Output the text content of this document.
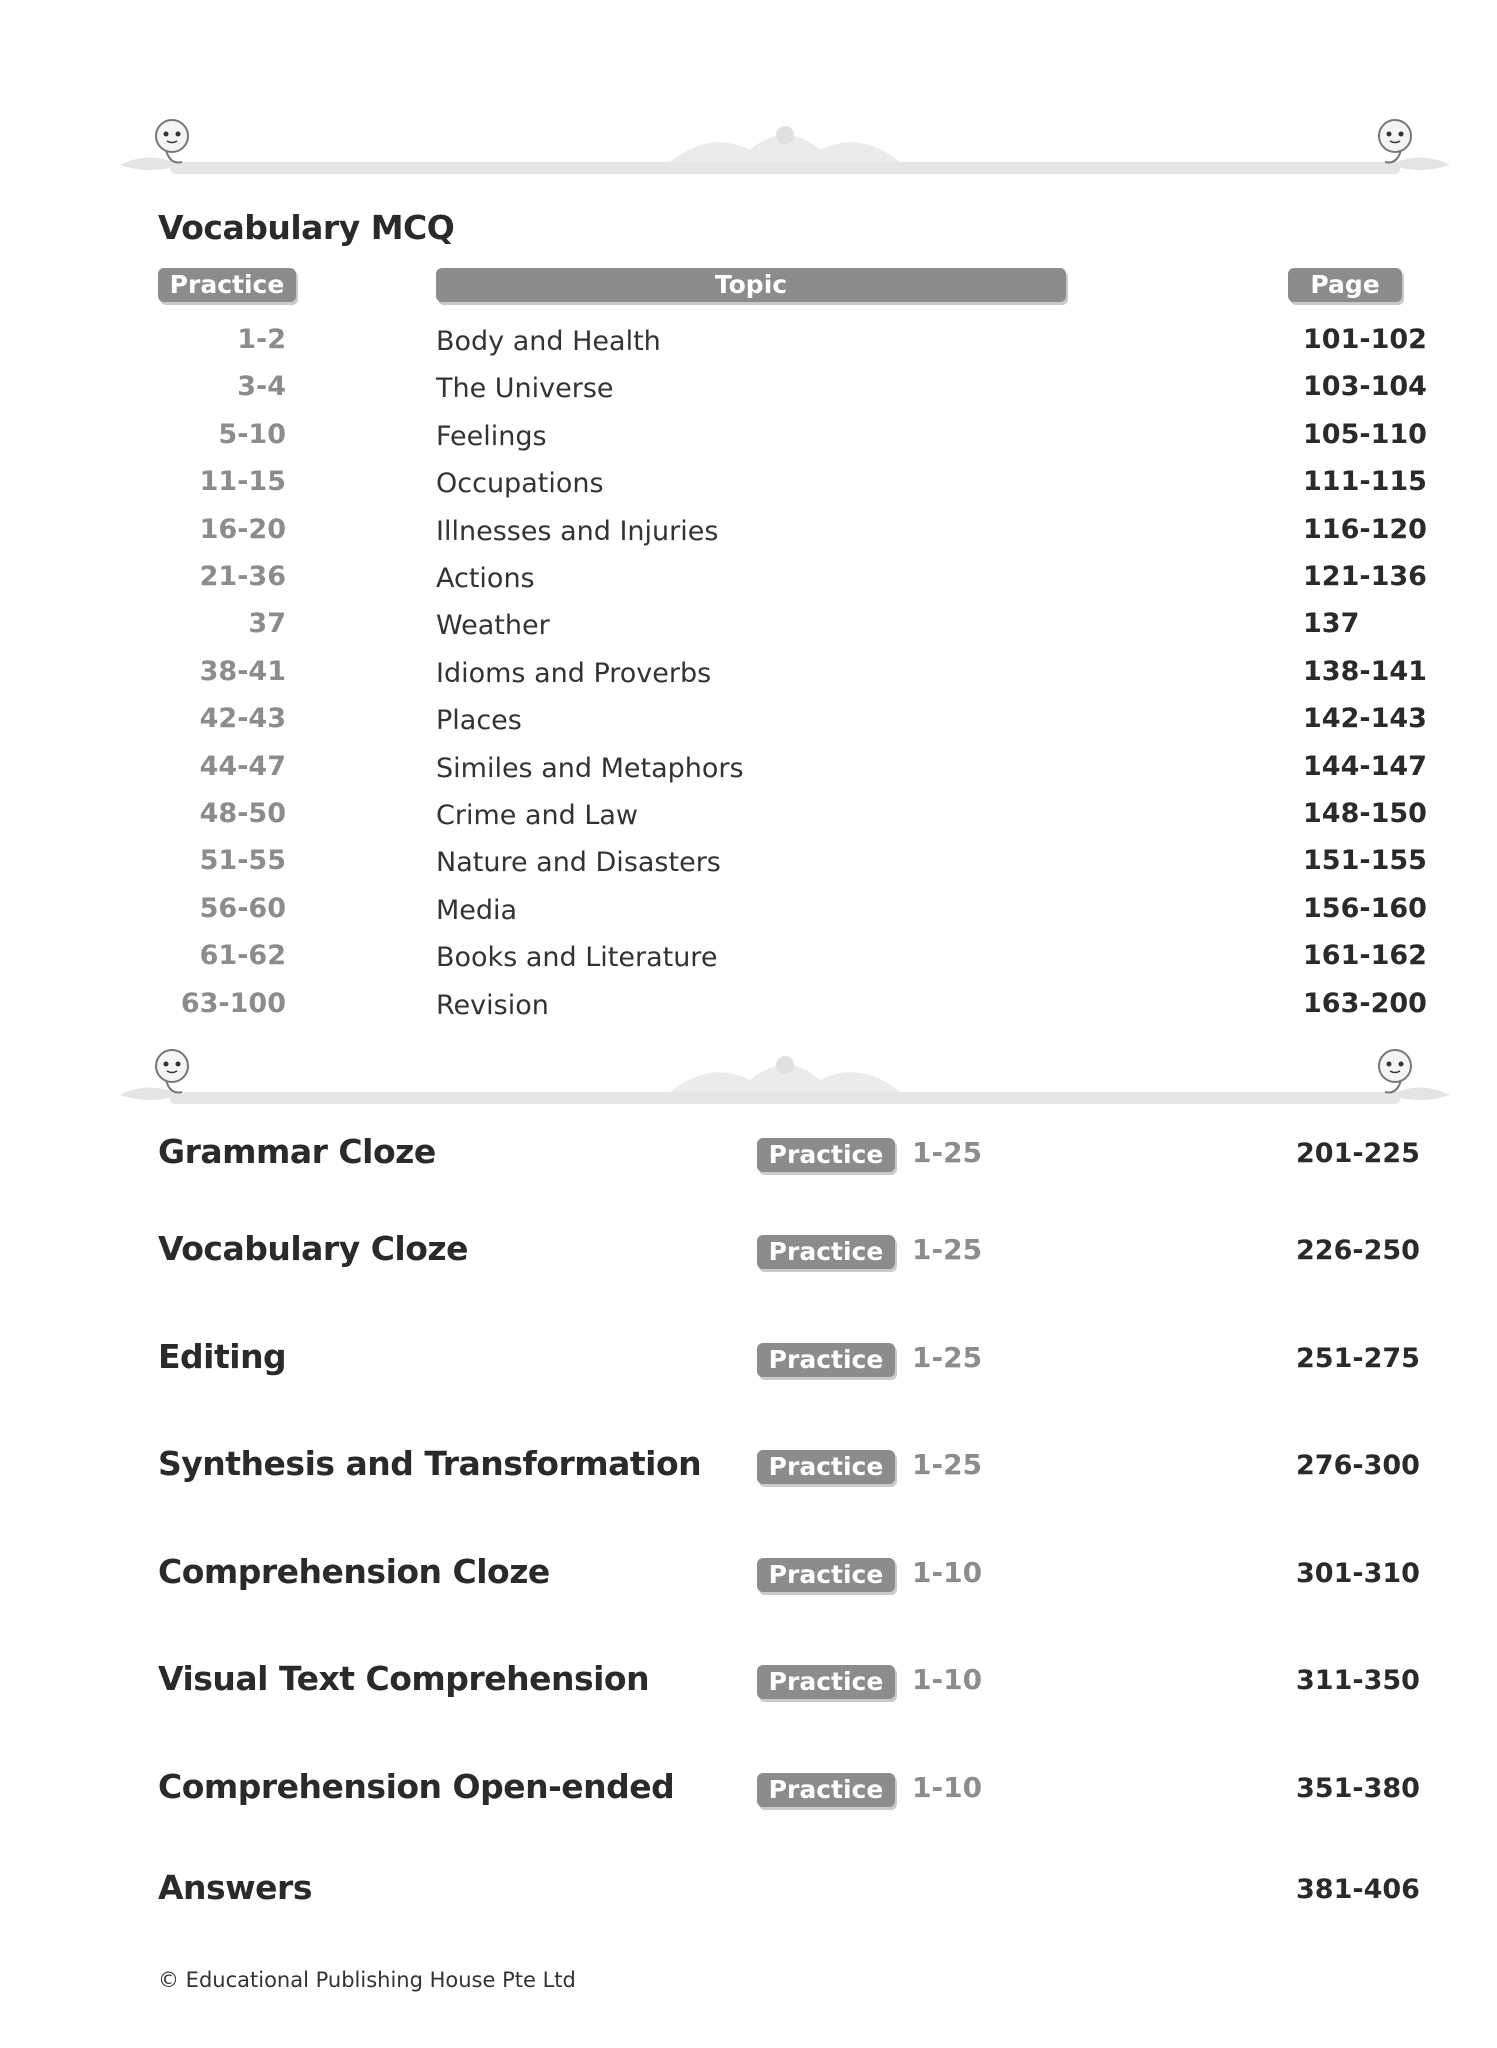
Vocabulary MCQ
Practice	Topic	Page
1-2	Body and Health	101-102
3-4	The Universe	103-104
5-10	Feelings	105-110
11-15	Occupations	111-115
16-20	Illnesses and Injuries	116-120
21-36	Actions	121-136
37	Weather	137
38-41	Idioms and Proverbs	138-141
42-43	Places	142-143
44-47	Similes and Metaphors	144-147
48-50	Crime and Law	148-150
51-55	Nature and Disasters	151-155
56-60	Media	156-160
61-62	Books and Literature	161-162
63-100	Revision	163-200
Grammar Cloze	Practice	1-25	201-225
Vocabulary Cloze	Practice	1-25	226-250
Editing	Practice	1-25	251-275
Synthesis and Transformation	Practice	1-25	276-300
Comprehension Cloze	Practice	1-10	301-310
Visual Text Comprehension	Practice	1-10	311-350
Comprehension Open-ended	Practice	1-10	351-380
Answers	381-406
© Educational Publishing House Pte Ltd
